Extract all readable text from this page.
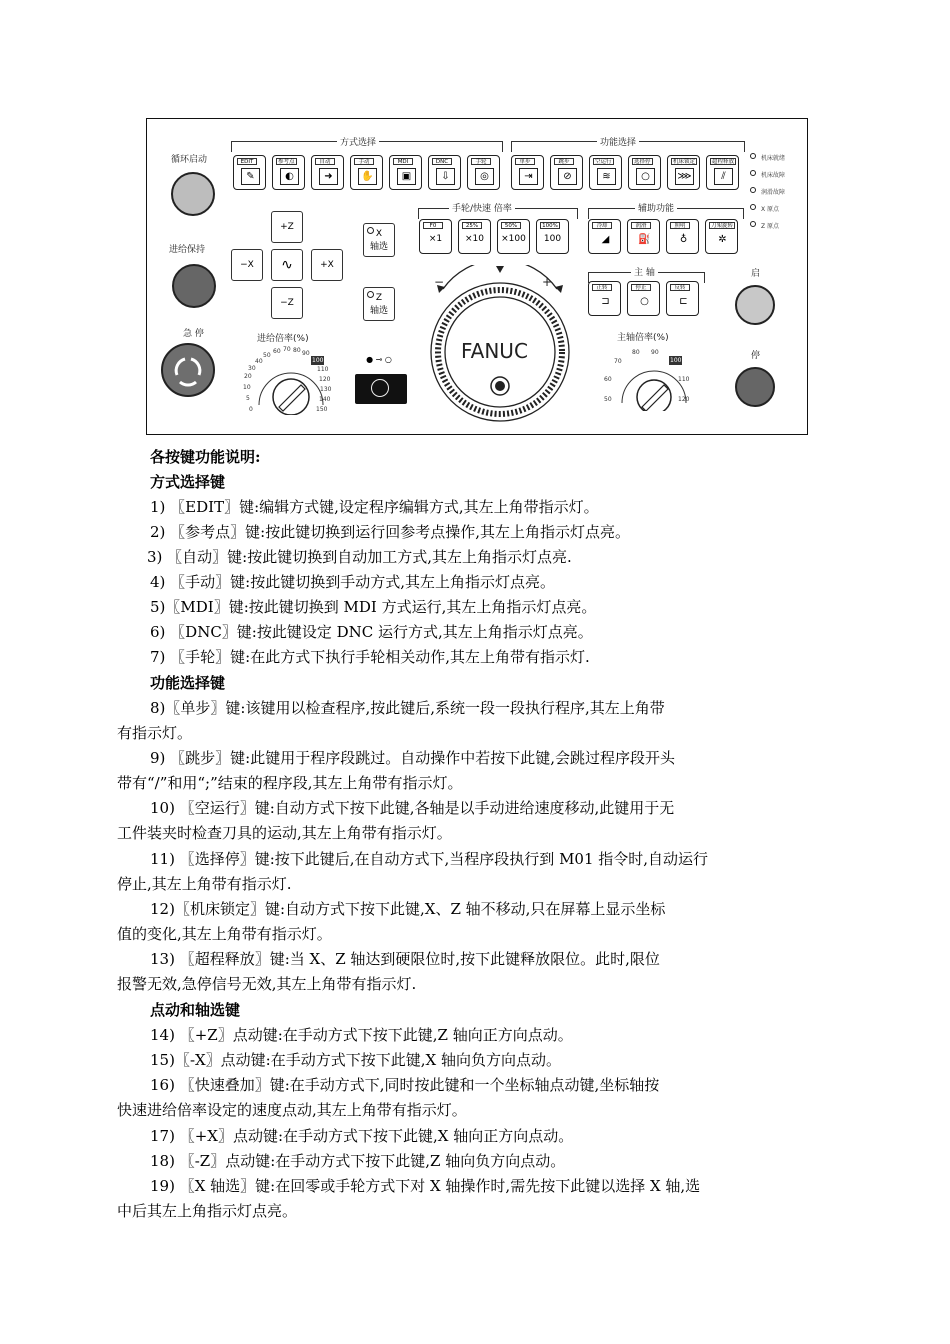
循环启动
进给保持
急 停
方式选择
EDIT
✎
参考点
◐
自动
➜
手动
✋
MDI
▣
DNC
⇩
手轮
◎
功能选择
单步
⇥
跳步
⊘
空运行
≋
选择停
○
机床锁定
⋙
超程释放
⫽
机床就绪
机床故障
润滑故障
X 原点
Z 原点
+Z
−X	∿	+X
−Z
X
轴选
Z
轴选
手轮/快速 倍率
F0
×1
25%
×10
50%
×100
100%
100
辅助功能
冷却
◢
润滑
⛽
照明
♁
刀架旋转
✲
主 轴
正转
⊐
停止
○
反转
⊏
启
停
进给倍率(%)
0
5
10
20
30
40
50
60 70 80 90
100
110
120
130
140
150
● ⊸ ○
−	+
FANUC
主轴倍率(%)
50
60
70
80 90
100
110
120
各按键功能说明:
方式选择键
1) 〖EDIT〗键:编辑方式键,设定程序编辑方式,其左上角带指示灯。
2) 〖参考点〗键:按此键切换到运行回参考点操作,其左上角指示灯点亮。
3) 〖自动〗键:按此键切换到自动加工方式,其左上角指示灯点亮.
4) 〖手动〗键:按此键切换到手动方式,其左上角指示灯点亮。
5)〖MDI〗键:按此键切换到 MDI 方式运行,其左上角指示灯点亮。
6) 〖DNC〗键:按此键设定 DNC 运行方式,其左上角指示灯点亮。
7) 〖手轮〗键:在此方式下执行手轮相关动作,其左上角带有指示灯.
功能选择键
8)〖单步〗键:该键用以检查程序,按此键后,系统一段一段执行程序,其左上角带
有指示灯。
9) 〖跳步〗键:此键用于程序段跳过。自动操作中若按下此键,会跳过程序段开头
带有“/”和用“;”结束的程序段,其左上角带有指示灯。
10) 〖空运行〗键:自动方式下按下此键,各轴是以手动进给速度移动,此键用于无
工件装夹时检查刀具的运动,其左上角带有指示灯。
11) 〖选择停〗键:按下此键后,在自动方式下,当程序段执行到 M01 指令时,自动运行
停止,其左上角带有指示灯.
12)〖机床锁定〗键:自动方式下按下此键,X、Z 轴不移动,只在屏幕上显示坐标
值的变化,其左上角带有指示灯。
13) 〖超程释放〗键:当 X、Z 轴达到硬限位时,按下此键释放限位。此时,限位
报警无效,急停信号无效,其左上角带有指示灯.
点动和轴选键
14) 〖+Z〗点动键:在手动方式下按下此键,Z 轴向正方向点动。
15)〖-X〗点动键:在手动方式下按下此键,X 轴向负方向点动。
16) 〖快速叠加〗键:在手动方式下,同时按此键和一个坐标轴点动键,坐标轴按
快速进给倍率设定的速度点动,其左上角带有指示灯。
17) 〖+X〗点动键:在手动方式下按下此键,X 轴向正方向点动。
18) 〖-Z〗点动键:在手动方式下按下此键,Z 轴向负方向点动。
19) 〖X 轴选〗键:在回零或手轮方式下对 X 轴操作时,需先按下此键以选择 X 轴,选
中后其左上角指示灯点亮。
